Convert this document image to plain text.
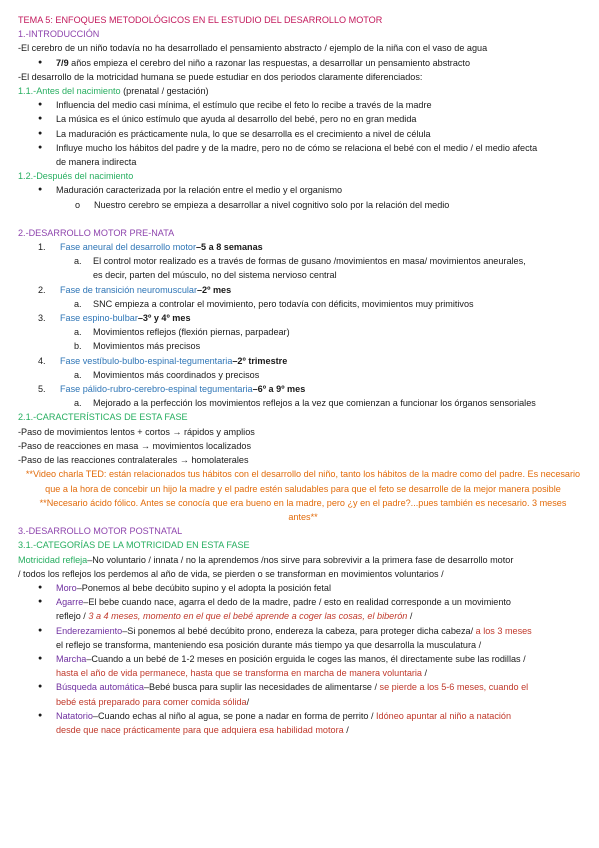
TEMA 5: ENFOQUES METODOLÓGICOS EN EL ESTUDIO DEL DESARROLLO MOTOR

1.-INTRODUCCIÓN

-El cerebro de un niño todavía no ha desarrollado el pensamiento abstracto / ejemplo de la niña con el vaso de agua

● 7/9 años empieza el cerebro del niño a razonar las respuestas, a desarrollar un pensamiento abstracto

-El desarrollo de la motricidad humana se puede estudiar en dos periodos claramente diferenciados:

1.1.-Antes del nacimiento (prenatal / gestación)

● Influencia del medio casi mínima, el estímulo que recibe el feto lo recibe a través de la madre

● La música es el único estímulo que ayuda al desarrollo del bebé, pero no en gran medida

● La maduración es prácticamente nula, lo que se desarrolla es el crecimiento a nivel de célula

● Influye mucho los hábitos del padre y de la madre, pero no de cómo se relaciona el bebé con el medio / el medio afecta

de manera indirecta

1.2.-Después del nacimiento

● Maduración caracterizada por la relación entre el medio y el organismo

o Nuestro cerebro se empieza a desarrollar a nivel cognitivo solo por la relación del medio

2.-DESARROLLO MOTOR PRE-NATA

1. Fase aneural del desarrollo motor–5 a 8 semanas

a. El control motor realizado es a través de formas de gusano /movimientos en masa/ movimientos aneurales,

es decir, parten del músculo, no del sistema nervioso central

2. Fase de transición neuromuscular–2º mes

a. SNC empieza a controlar el movimiento, pero todavía con déficits, movimientos muy primitivos

3. Fase espino-bulbar–3º y 4º mes

a. Movimientos reflejos (flexión piernas, parpadear)

b. Movimientos más precisos

4. Fase vestíbulo-bulbo-espinal-tegumentaria–2º trimestre

a. Movimientos más coordinados y precisos

5. Fase pálido-rubro-cerebro-espinal tegumentaria–6º a 9º mes

a. Mejorado a la perfección los movimientos reflejos a la vez que comienzan a funcionar los órganos sensoriales

2.1.-CARACTERÍSTICAS DE ESTA FASE

-Paso de movimientos lentos + cortos → rápidos y amplios

-Paso de reacciones en masa → movimientos localizados

-Paso de las reacciones contralaterales → homolaterales

**Video charla TED: están relacionados tus hábitos con el desarrollo del niño, tanto los hábitos de la madre como del padre. Es necesario que a la hora de concebir un hijo la madre y el padre estén saludables para que el feto se desarrolle de la mejor manera posible

**Necesario ácido fólico. Antes se conocía que era bueno en la madre, pero ¿y en el padre?...pues también es necesario. 3 meses antes**

3.-DESARROLLO MOTOR POSTNATAL

3.1.-CATEGORÍAS DE LA MOTRICIDAD EN ESTA FASE

Motricidad refleja–No voluntario / innata / no la aprendemos /nos sirve para sobrevivir a la primera fase de desarrollo motor

/ todos los reflejos los perdemos al año de vida, se pierden o se transforman en movimientos voluntarios /

● Moro–Ponemos al bebe decúbito supino y el adopta la posición fetal

● Agarre–El bebe cuando nace, agarra el dedo de la madre, padre / esto en realidad corresponde a un movimiento

reflejo / 3 a 4 meses, momento en el que el bebé aprende a coger las cosas, el biberón /

● Enderezamiento–Si ponemos al bebé decúbito prono, endereza la cabeza, para proteger dicha cabeza/ a los 3 meses

el reflejo se transforma, manteniendo esa posición durante más tiempo ya que desarrolla la musculatura /

● Marcha–Cuando a un bebé de 1-2 meses en posición erguida le coges las manos, él directamente sube las rodillas /

hasta el año de vida permanece, hasta que se transforma en marcha de manera voluntaria /

● Búsqueda automática–Bebé busca para suplir las necesidades de alimentarse / se pierde a los 5-6 meses, cuando el

bebé está preparado para comer comida sólida/

● Natatorio–Cuando echas al niño al agua, se pone a nadar en forma de perrito / Idóneo apuntar al niño a natación

desde que nace prácticamente para que adquiera esa habilidad motora /
